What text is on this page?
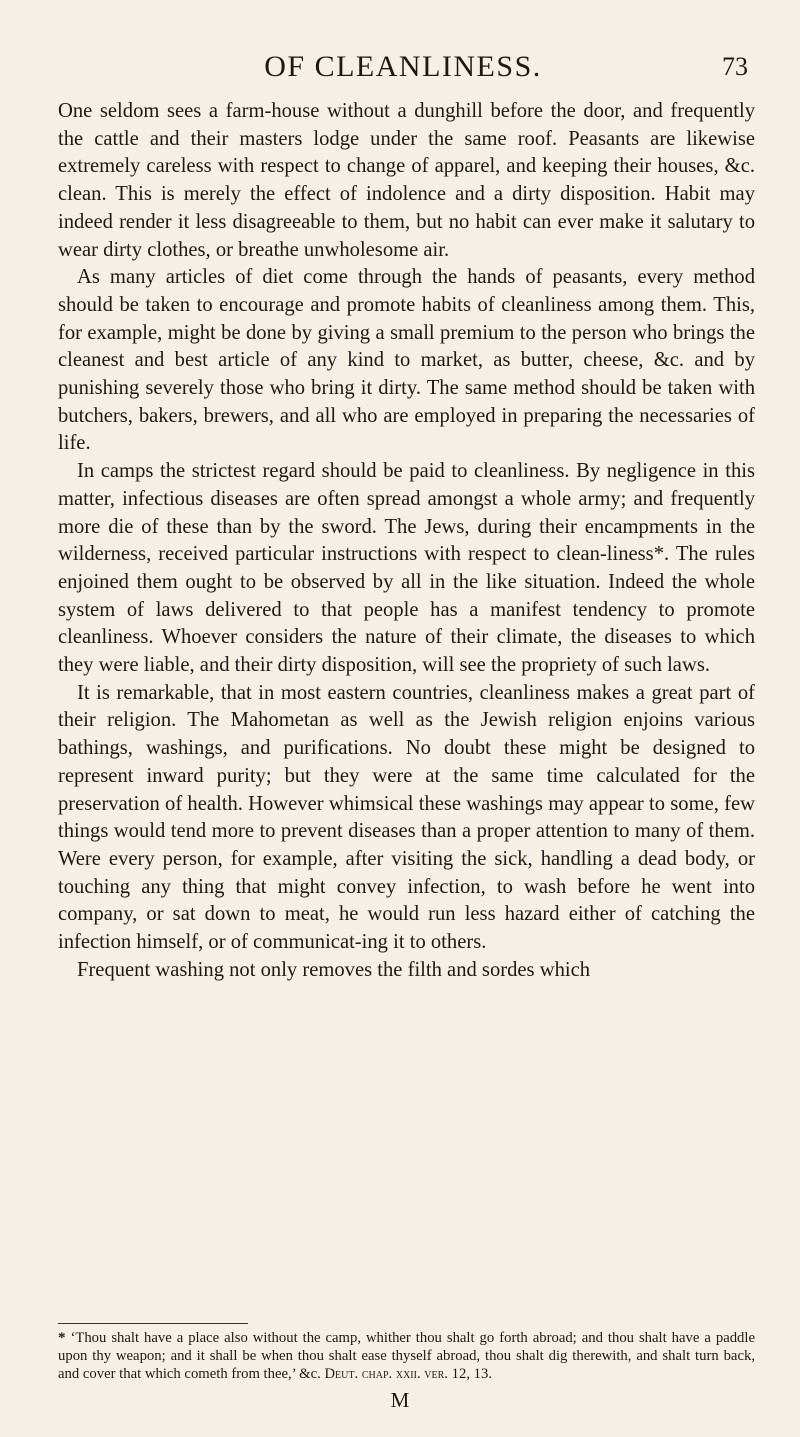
OF CLEANLINESS.	73

One seldom sees a farm-house without a dunghill before the door, and frequently the cattle and their masters lodge under the same roof. Peasants are likewise extremely careless with respect to change of apparel, and keeping their houses, &c. clean. This is merely the effect of indolence and a dirty disposition. Habit may indeed render it less disagreeable to them, but no habit can ever make it salutary to wear dirty clothes, or breathe unwholesome air.

As many articles of diet come through the hands of peasants, every method should be taken to encourage and promote habits of cleanliness among them. This, for example, might be done by giving a small premium to the person who brings the cleanest and best article of any kind to market, as butter, cheese, &c. and by punishing severely those who bring it dirty. The same method should be taken with butchers, bakers, brewers, and all who are employed in preparing the necessaries of life.

In camps the strictest regard should be paid to cleanliness. By negligence in this matter, infectious diseases are often spread amongst a whole army; and frequently more die of these than by the sword. The Jews, during their encampments in the wilderness, received particular instructions with respect to clean-liness*. The rules enjoined them ought to be observed by all in the like situation. Indeed the whole system of laws delivered to that people has a manifest tendency to promote cleanliness. Whoever considers the nature of their climate, the diseases to which they were liable, and their dirty disposition, will see the propriety of such laws.

It is remarkable, that in most eastern countries, cleanliness makes a great part of their religion. The Mahometan as well as the Jewish religion enjoins various bathings, washings, and purifications. No doubt these might be designed to represent inward purity; but they were at the same time calculated for the preservation of health. However whimsical these washings may appear to some, few things would tend more to prevent diseases than a proper attention to many of them. Were every person, for example, after visiting the sick, handling a dead body, or touching any thing that might convey infection, to wash before he went into company, or sat down to meat, he would run less hazard either of catching the infection himself, or of communicat-ing it to others.

Frequent washing not only removes the filth and sordes which

* ‘Thou shalt have a place also without the camp, whither thou shalt go forth abroad; and thou shalt have a paddle upon thy weapon; and it shall be when thou shalt ease thyself abroad, thou shalt dig therewith, and shalt turn back, and cover that which cometh from thee,’ &c. Deut. chap. xxii. ver. 12, 13.
M
